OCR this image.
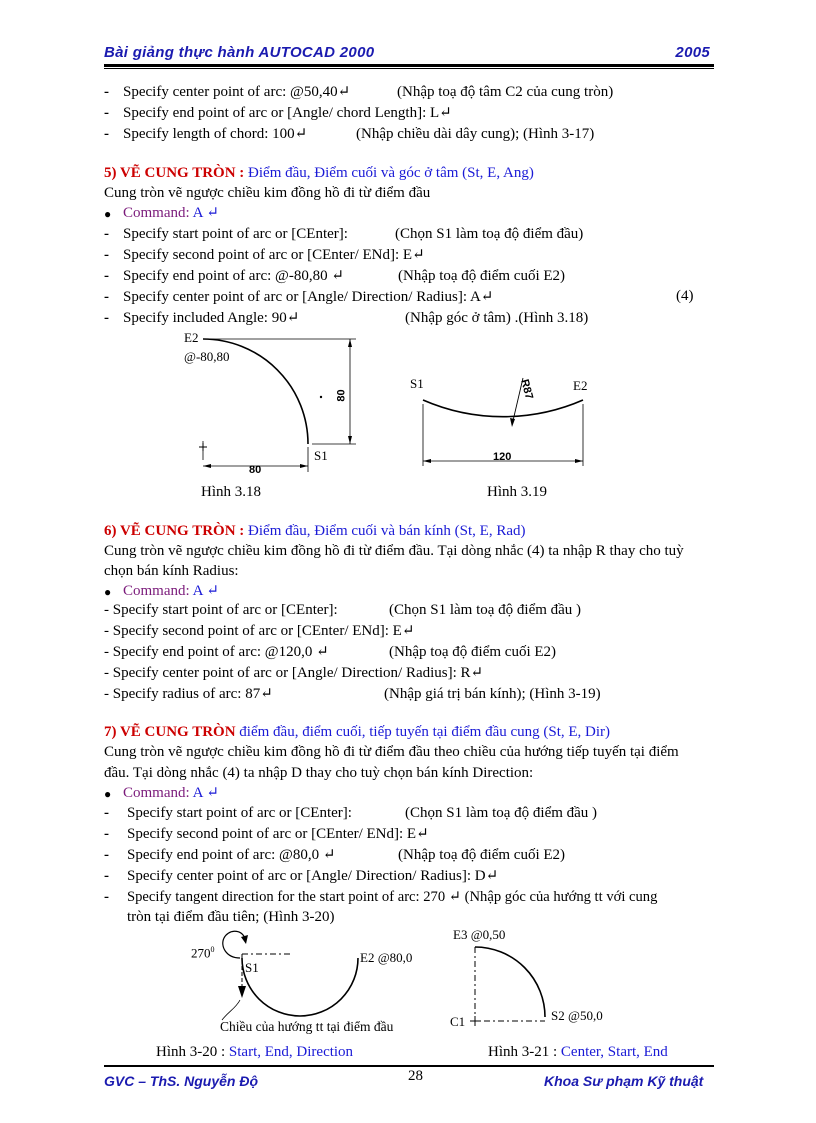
Bài giảng thực hành AUTOCAD 2000	2005
- Specify center point of arc: @50,40↵	(Nhập toạ độ tâm C2 của cung tròn)
- Specify end point of arc or [Angle/ chord Length]: L↵
- Specify length of chord: 100↵	(Nhập chiều dài dây cung); (Hình 3-17)
5) VẼ CUNG TRÒN : Điểm đầu, Điểm cuối và góc ở tâm (St, E, Ang)
Cung tròn vẽ ngược chiều kim đồng hồ đi từ điểm đầu
● Command: A ↵
- Specify start point of arc or [CEnter]:	(Chọn S1 làm toạ độ điểm đầu)
- Specify second point of arc or [CEnter/ ENd]: E↵
- Specify end point of arc: @-80,80 ↵	(Nhập toạ độ điểm cuối E2)
- Specify center point of arc or [Angle/ Direction/ Radius]: A↵	(4)
- Specify included Angle: 90↵	(Nhập góc ở tâm) .(Hình 3.18)
E2
@-80,80
S1
80
80
Hình 3.18
S1	E2
R87
120
Hình 3.19
6) VẼ CUNG TRÒN : Điểm đầu, Điểm cuối và bán kính (St, E, Rad)
Cung tròn vẽ ngược chiều kim đồng hồ đi từ điểm đầu. Tại dòng nhắc (4) ta nhập R thay cho tuỳ
chọn bán kính Radius:
● Command: A ↵
- Specify start point of arc or [CEnter]:	(Chọn S1 làm toạ độ điểm đầu )
- Specify second point of arc or [CEnter/ ENd]: E↵
- Specify end point of arc: @120,0 ↵	(Nhập toạ độ điểm cuối E2)
- Specify center point of arc or [Angle/ Direction/ Radius]: R↵
- Specify radius of arc: 87↵	(Nhập giá trị bán kính); (Hình 3-19)
7) VẼ CUNG TRÒN điểm đầu, điểm cuối, tiếp tuyến tại điểm đầu cung (St, E, Dir)
Cung tròn vẽ ngược chiều kim đồng hồ đi từ điểm đầu theo chiều của hướng tiếp tuyến tại điểm
đầu. Tại dòng nhắc (4) ta nhập D thay cho tuỳ chọn bán kính Direction:
● Command: A ↵
- Specify start point of arc or [CEnter]:	(Chọn S1 làm toạ độ điểm đầu )
- Specify second point of arc or [CEnter/ ENd]: E↵
- Specify end point of arc: @80,0 ↵	(Nhập toạ độ điểm cuối E2)
- Specify center point of arc or [Angle/ Direction/ Radius]: D↵
- Specify tangent direction for the start point of arc: 270 ↵ (Nhập góc của hướng tt với cung
tròn tại điểm đầu tiên; (Hình 3-20)
$270^0$
S1
E2 @80,0
Chiều của hướng tt tại điểm đầu
Hình 3-20 : Start, End, Direction
E3 @0,50
C1	S2 @50,0
Hình 3-21 : Center, Start, End
GVC – ThS. Nguyễn Độ	28	Khoa Sư phạm Kỹ thuật
